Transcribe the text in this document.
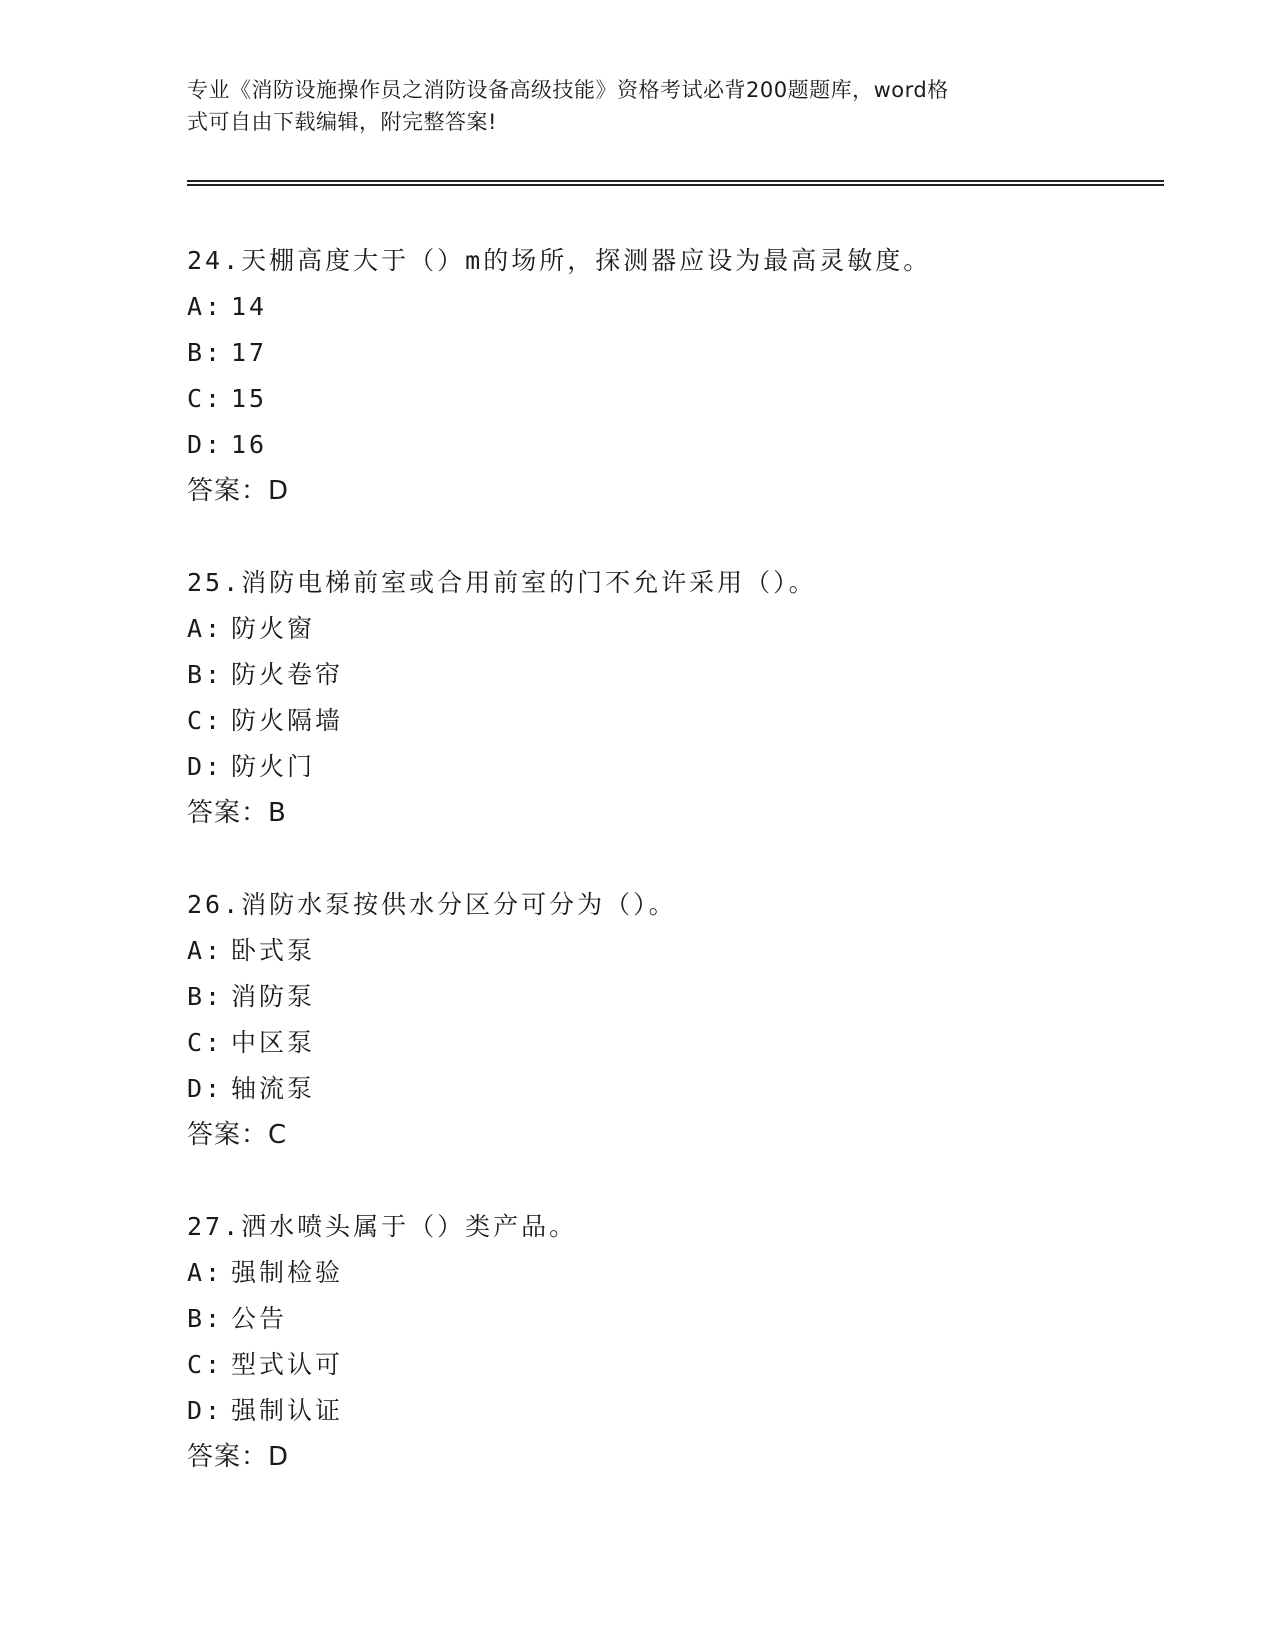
专业《消防设施操作员之消防设备高级技能》资格考试必背200题题库，word格
式可自由下载编辑，附完整答案!
24.天棚高度大于（）m的场所，探测器应设为最高灵敏度。
A: 14
B: 17
C: 15
D: 16
答案：D
25.消防电梯前室或合用前室的门不允许采用（）。
A: 防火窗
B: 防火卷帘
C: 防火隔墙
D: 防火门
答案：B
26.消防水泵按供水分区分可分为（）。
A: 卧式泵
B: 消防泵
C: 中区泵
D: 轴流泵
答案：C
27.洒水喷头属于（）类产品。
A: 强制检验
B: 公告
C: 型式认可
D: 强制认证
答案：D
